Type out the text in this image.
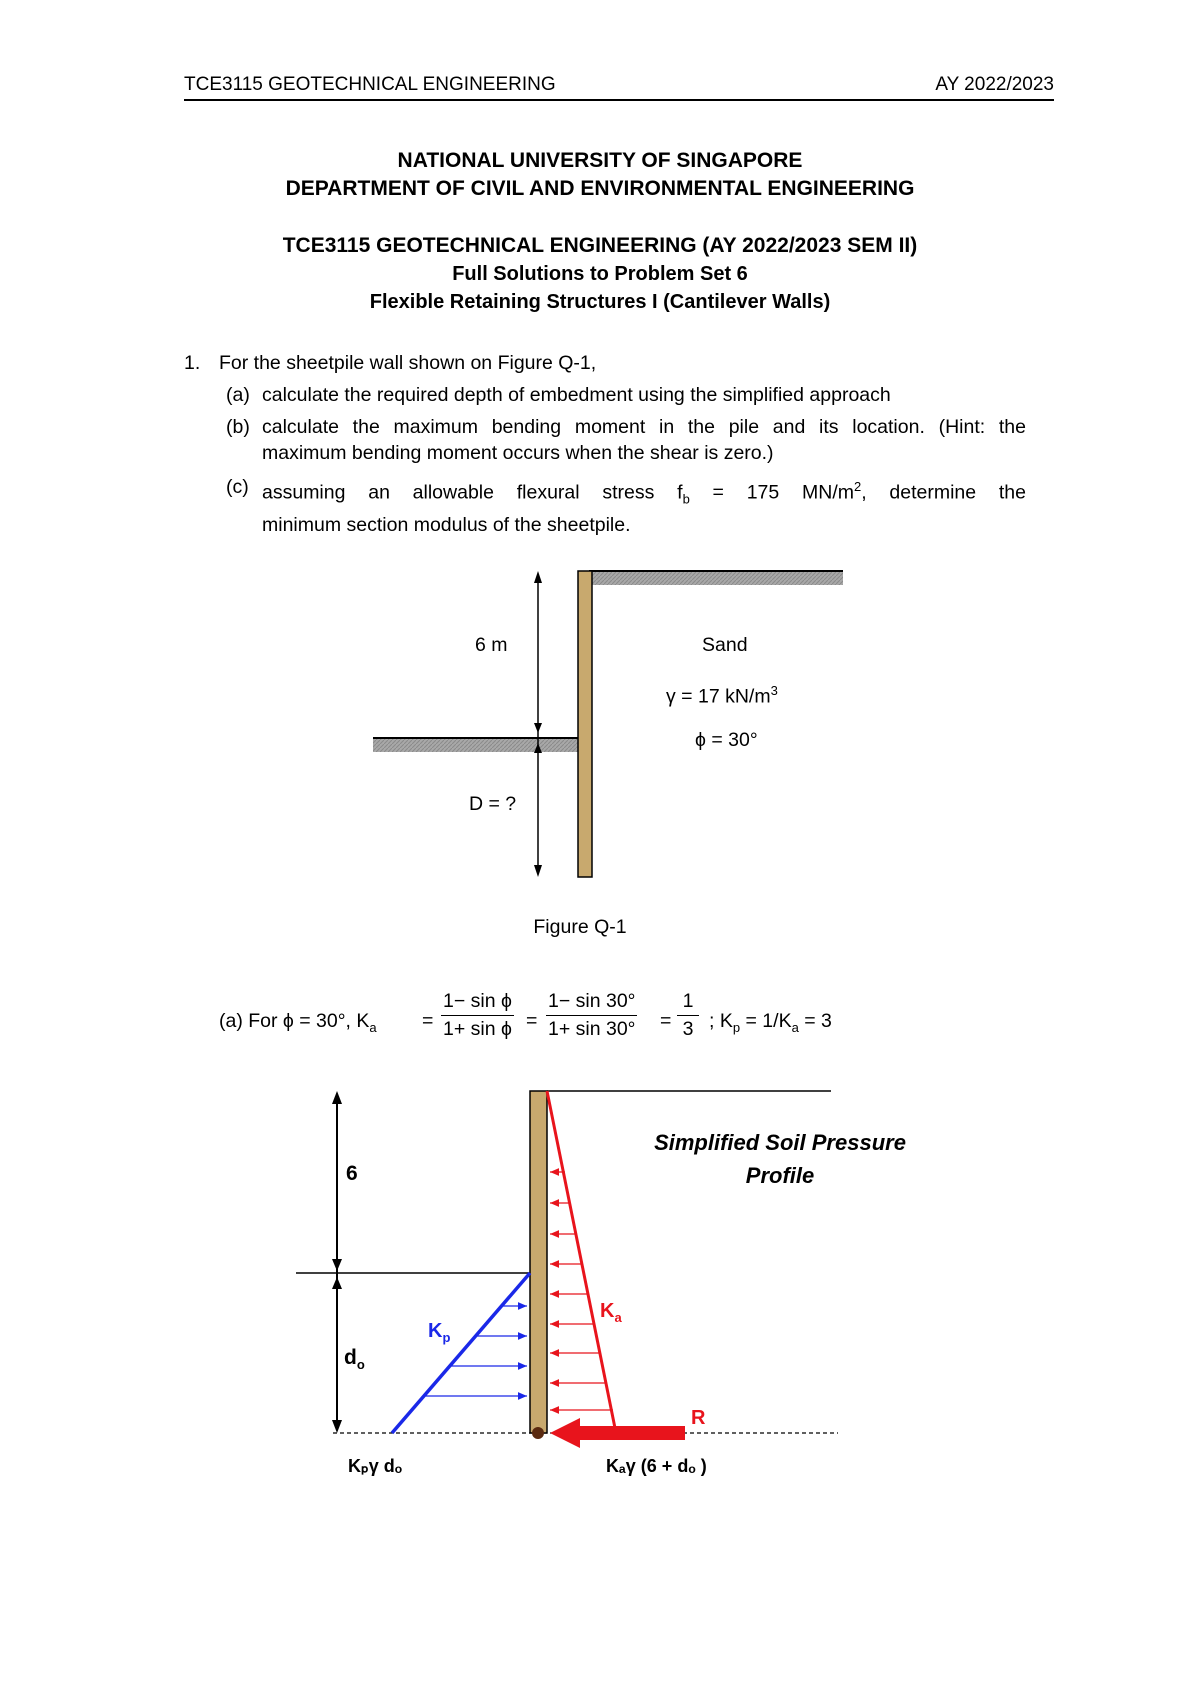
TCE3115 GEOTECHNICAL ENGINEERING	AY 2022/2023
NATIONAL UNIVERSITY OF SINGAPORE
DEPARTMENT OF CIVIL AND ENVIRONMENTAL ENGINEERING
TCE3115 GEOTECHNICAL ENGINEERING (AY 2022/2023 SEM II)
Full Solutions to Problem Set 6
Flexible Retaining Structures I (Cantilever Walls)
1. For the sheetpile wall shown on Figure Q-1,
(a) calculate the required depth of embedment using the simplified approach
(b) calculate the maximum bending moment in the pile and its location. (Hint: the
maximum bending moment occurs when the shear is zero.)
(c) assuming an allowable flexural stress $f_b = 175$ $MN/m^2$, determine the
minimum section modulus of the sheetpile.
6 m
D = ?
Sand
γ = 17 $kN/m^3$
ϕ = 30°
Figure Q-1
(a) For ϕ = 30°, $K_a = \frac{\text{1− sin ϕ}}{\text{1+ sin ϕ}} = \frac{1- \sin 30^\circ}{1+ \sin 30^\circ} = \frac{1}{3}$ ; $K_p = 1/K_a = 3$
Simplified Soil Pressure
Profile
6
$d_o$
$K_p$
$K_a$
R
Kₚγ dₒ	Kₐγ (6 + dₒ )
